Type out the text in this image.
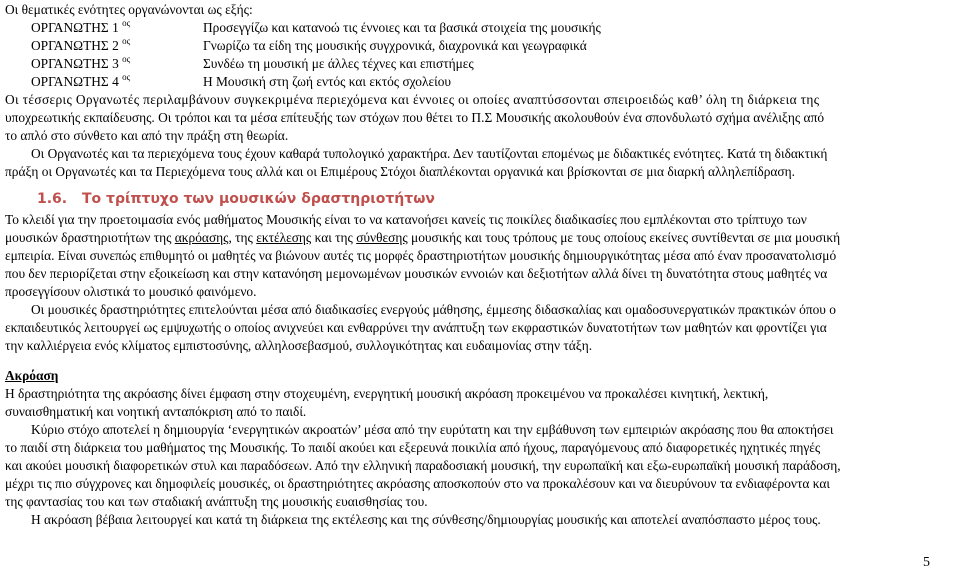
Οι θεματικές ενότητες οργανώνονται ως εξής:

ΟΡΓΑΝΩΤΗΣ 1 $^{o\varsigma}$	Προσεγγίζω και κατανοώ τις έννοιες και τα βασικά στοιχεία της μουσικής
ΟΡΓΑΝΩΤΗΣ 2 $^{o\varsigma}$	Γνωρίζω τα είδη της μουσικής συγχρονικά, διαχρονικά και γεωγραφικά
ΟΡΓΑΝΩΤΗΣ 3 $^{o\varsigma}$	Συνδέω τη μουσική με άλλες τέχνες και επιστήμες
ΟΡΓΑΝΩΤΗΣ 4 $^{o\varsigma}$	Η Μουσική στη ζωή εντός και εκτός σχολείου

Οι τέσσερις Οργανωτές περιλαμβάνουν συγκεκριμένα περιεχόμενα και έννοιες οι οποίες αναπτύσσονται σπειροειδώς καθ’ όλη τη διάρκεια της

υποχρεωτικής εκπαίδευσης. Οι τρόποι και τα μέσα επίτευξής των στόχων που θέτει το Π.Σ Μουσικής ακολουθούν ένα σπονδυλωτό σχήμα ανέλιξης από

το απλό στο σύνθετο και από την πράξη στη θεωρία.

Οι Οργανωτές και τα περιεχόμενα τους έχουν καθαρά τυπολογικό χαρακτήρα. Δεν ταυτίζονται επομένως με διδακτικές ενότητες. Κατά τη διδακτική

πράξη οι Οργανωτές και τα Περιεχόμενα τους αλλά και οι Επιμέρους Στόχοι διαπλέκονται οργανικά και βρίσκονται σε μια διαρκή αλληλεπίδραση.

1.6. Το τρίπτυχο των μουσικών δραστηριοτήτων

Το κλειδί για την προετοιμασία ενός μαθήματος Μουσικής είναι το να κατανοήσει κανείς τις ποικίλες διαδικασίες που εμπλέκονται στο τρίπτυχο των

μουσικών δραστηριοτήτων της ακρόασης, της εκτέλεσης και της σύνθεσης μουσικής και τους τρόπους με τους οποίους εκείνες συντίθενται σε μια μουσική

εμπειρία. Είναι συνεπώς επιθυμητό οι μαθητές να βιώνουν αυτές τις μορφές δραστηριοτήτων μουσικής δημιουργικότητας μέσα από έναν προσανατολισμό

που δεν περιορίζεται στην εξοικείωση και στην κατανόηση μεμονωμένων μουσικών εννοιών και δεξιοτήτων αλλά δίνει τη δυνατότητα στους μαθητές να

προσεγγίσουν ολιστικά το μουσικό φαινόμενο.

Οι μουσικές δραστηριότητες επιτελούνται μέσα από διαδικασίες ενεργούς μάθησης, έμμεσης διδασκαλίας και ομαδοσυνεργατικών πρακτικών όπου ο

εκπαιδευτικός λειτουργεί ως εμψυχωτής ο οποίος ανιχνεύει και ενθαρρύνει την ανάπτυξη των εκφραστικών δυνατοτήτων των μαθητών και φροντίζει για

την καλλιέργεια ενός κλίματος εμπιστοσύνης, αλληλοσεβασμού, συλλογικότητας και ευδαιμονίας στην τάξη.

Ακρόαση

Η δραστηριότητα της ακρόασης δίνει έμφαση στην στοχευμένη, ενεργητική μουσική ακρόαση προκειμένου να προκαλέσει κινητική, λεκτική,

συναισθηματική και νοητική ανταπόκριση από το παιδί.

Κύριο στόχο αποτελεί η δημιουργία ‘ενεργητικών ακροατών’ μέσα από την ευρύτατη και την εμβάθυνση των εμπειριών ακρόασης που θα αποκτήσει

το παιδί στη διάρκεια του μαθήματος της Μουσικής. Το παιδί ακούει και εξερευνά ποικιλία από ήχους, παραγόμενους από διαφορετικές ηχητικές πηγές

και ακούει μουσική διαφορετικών στυλ και παραδόσεων. Από την ελληνική παραδοσιακή μουσική, την ευρωπαϊκή και εξω-ευρωπαϊκή μουσική παράδοση,

μέχρι τις πιο σύγχρονες και δημοφιλείς μουσικές, οι δραστηριότητες ακρόασης αποσκοπούν στο να προκαλέσουν και να διευρύνουν τα ενδιαφέροντα και

της φαντασίας του και των σταδιακή ανάπτυξη της μουσικής ευαισθησίας του.

Η ακρόαση βέβαια λειτουργεί και κατά τη διάρκεια της εκτέλεσης και της σύνθεσης/δημιουργίας μουσικής και αποτελεί αναπόσπαστο μέρος τους.

5
